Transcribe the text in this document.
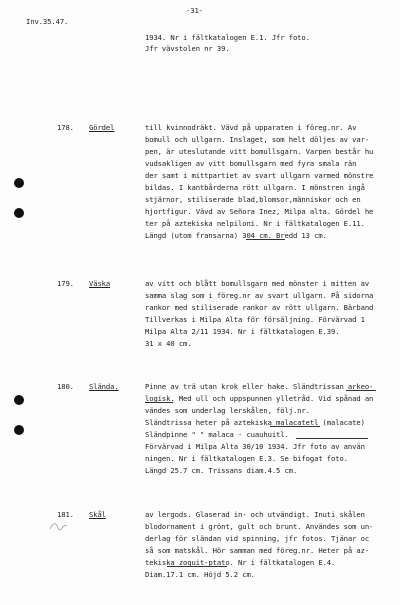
-31-
Inv.35.47.
1934. Nr i fältkatalogen E.1. Jfr foto.
Jfr vävstolen nr 39.
178. Gördel	till kvinnodräkt. Vävd på upparaten i föreg.nr. Av
bomull och ullgarn. Inslaget, som helt döljes av var-
pen, är uteslutande vitt bomullsgarn. Varpen består hu
vudsakligen av vitt bomullsgarn med fyra smala rän
der samt i mittpartiet av svart ullgarn varmed mönstre
bildas. I kantbårderna rött ullgarn. I mönstren ingå
stjärnor, stiliserade blad,blomsor,människor och en
hjortfigur. Vävd av Señora Inez, Milpa alta. Gördel he
ter på aztekiska nelpiloni. Nr i fältkatalogen E.11.
Längd (utom fransarna) 304 cm. Bredd 13 cm.
179. Väska	av vitt och blått bomullsgarn med mönster i mitten av
samma slag som i föreg.nr av svart ullgarn. På sidorna
rankor med stiliserade rankor av rött ullgarn. Bärband
Tillverkas i Milpa Alta för försäljning. Förvärvad 1
Milpa Alta 2/11 1934. Nr i fältkatalogen E.39.
31 x 40 cm.
180. Slända.	Pinne av trä utan krok eller hake. Sländtrissan arkeo-
logisk. Med ull och uppspunnen ylletråd. Vid spånad an
vändes som underlag lerskålen, följ.nr.
Sländtrissa heter på aztekiska malacatetl (malacate)
Sländpinne " " malaca - cuauhuitl.
Förvärvad i Milpa Alta 30/10 1934. Jfr foto av använ
ningen. Nr i fältkatalogen E.3. Se bifogat foto.
Längd 25.7 cm. Trissans diam.4.5 cm.
181. Skål	av lergods. Glaserad in- och utvändigt. Inuti skålen
blodornament i grönt, gult och brunt. Användes som un-
derlag för sländan vid spinning, jfr fotos. Tjänar oc
så som matskål. Hör samman med föreg.nr. Heter på az-
tekiska zoquit-ptato. Nr i fältkatalogen E.4.
Diam.17.1 cm. Höjd 5.2 cm.
